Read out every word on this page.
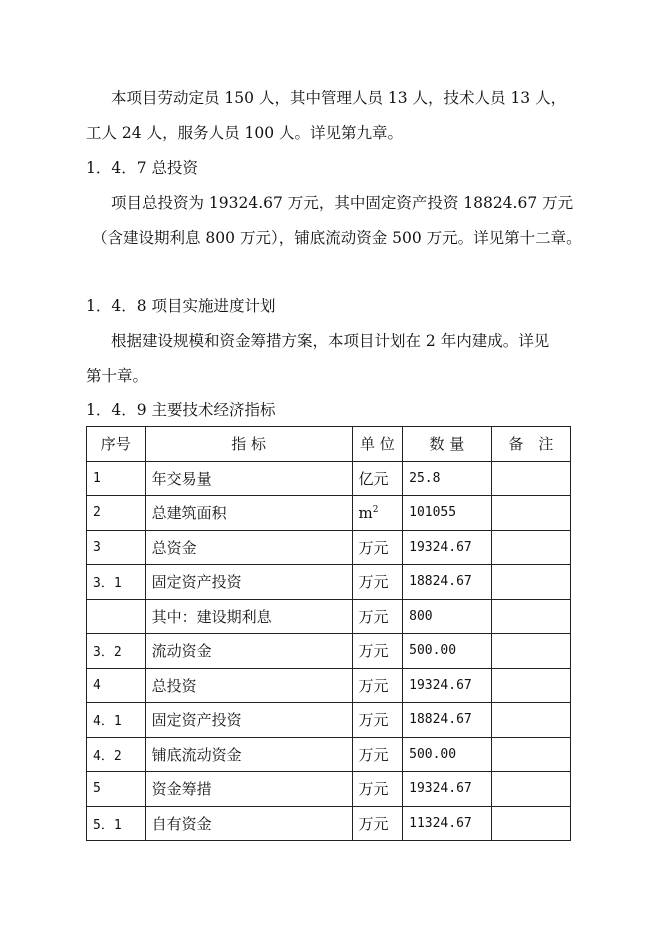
本项目劳动定员 150 人，其中管理人员 13 人，技术人员 13 人，
工人 24 人，服务人员 100 人。详见第九章。
1．4．7 总投资
项目总投资为 19324.67 万元，其中固定资产投资 18824.67 万元
（含建设期利息 800 万元），铺底流动资金 500 万元。详见第十二章。
1．4．8 项目实施进度计划
根据建设规模和资金筹措方案，本项目计划在 2 年内建成。详见
第十章。
1．4．9 主要技术经济指标
序号	指 标	单 位	数 量	备　注
1	年交易量	亿元	25.8	
2	总建筑面积	$m^2$	101055	
3	总资金	万元	19324.67	
3．1	固定资产投资	万元	18824.67	
	其中：建设期利息	万元	800	
3．2	流动资金	万元	500.00	
4	总投资	万元	19324.67	
4．1	固定资产投资	万元	18824.67	
4．2	铺底流动资金	万元	500.00	
5	资金筹措	万元	19324.67	
5．1	自有资金	万元	11324.67	
